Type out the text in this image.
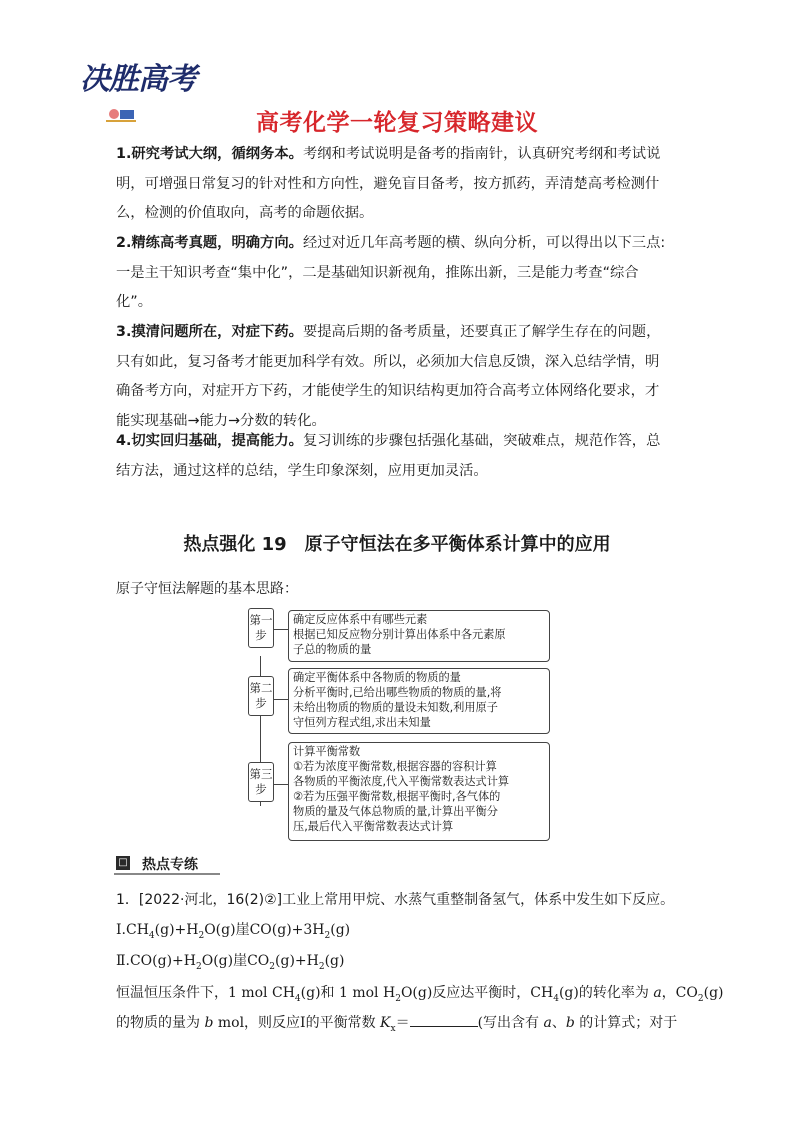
决胜高考
高考化学一轮复习策略建议
1.研究考试大纲，循纲务本。考纲和考试说明是备考的指南针，认真研究考纲和考试说
明，可增强日常复习的针对性和方向性，避免盲目备考，按方抓药，弄清楚高考检测什
么，检测的价值取向，高考的命题依据。
2.精练高考真题，明确方向。经过对近几年高考题的横、纵向分析，可以得出以下三点:
一是主干知识考查“集中化”，二是基础知识新视角，推陈出新，三是能力考查“综合
化”。
3.摸清问题所在，对症下药。要提高后期的备考质量，还要真正了解学生存在的问题，
只有如此，复习备考才能更加科学有效。所以，必须加大信息反馈，深入总结学情，明
确备考方向，对症开方下药，才能使学生的知识结构更加符合高考立体网络化要求，才
能实现基础→能力→分数的转化。
4.切实回归基础，提高能力。复习训练的步骤包括强化基础，突破难点，规范作答，总
结方法，通过这样的总结，学生印象深刻，应用更加灵活。
热点强化 19　原子守恒法在多平衡体系计算中的应用
原子守恒法解题的基本思路：
第一步
确定反应体系中有哪些元素
根据已知反应物分别计算出体系中各元素原
子总的物质的量
第二步
确定平衡体系中各物质的物质的量
分析平衡时,已给出哪些物质的物质的量,将
未给出物质的物质的量设未知数,利用原子
守恒列方程式组,求出未知量
第三步
计算平衡常数
①若为浓度平衡常数,根据容器的容积计算
各物质的平衡浓度,代入平衡常数表达式计算
②若为压强平衡常数,根据平衡时,各气体的
物质的量及气体总物质的量,计算出平衡分
压,最后代入平衡常数表达式计算
□ 热点专练
1．[2022·河北，16(2)②]工业上常用甲烷、水蒸气重整制备氢气，体系中发生如下反应。
$Ⅰ.CH_4(g)+H_2O(g)$崖$CO(g)+3H_2(g)$
$Ⅱ.CO(g)+H_2O(g)$崖$CO_2(g)+H_2(g)$
恒温恒压条件下，1 mol $CH_4(g)$和 1 mol $H_2O(g)$反应达平衡时，$CH_4(g)$的转化率为 a，$CO_2(g)$
的物质的量为 b mol，则反应Ⅰ的平衡常数 $K_x=$	(写出含有 a、b 的计算式；对于
